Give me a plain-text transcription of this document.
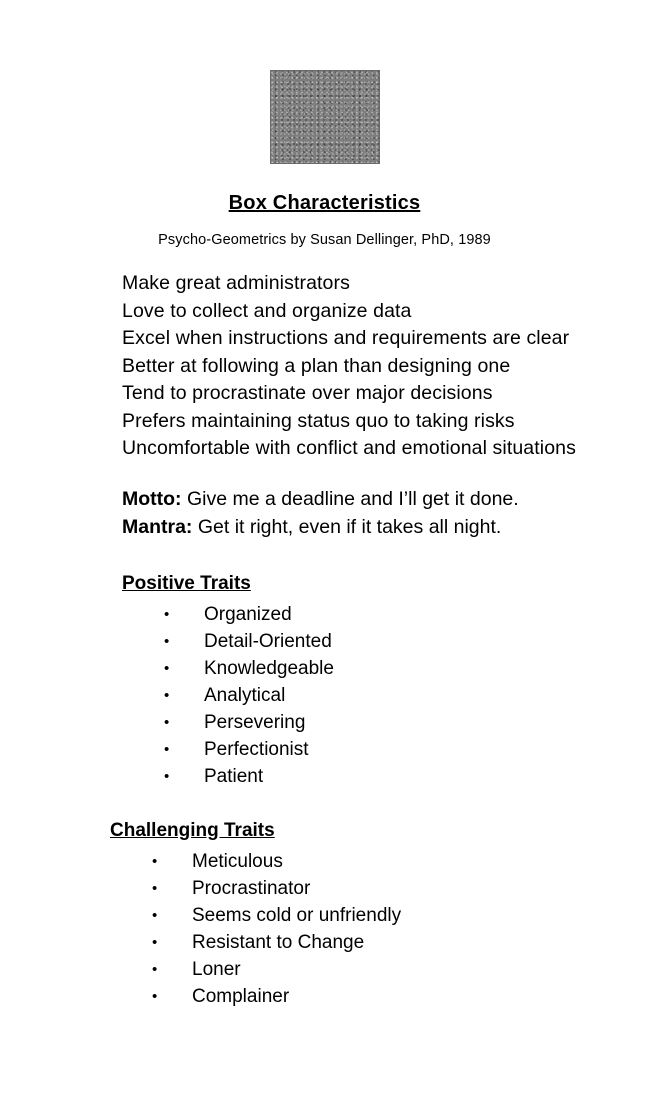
Box Characteristics
Psycho-Geometrics by Susan Dellinger, PhD, 1989
Make great administrators
Love to collect and organize data
Excel when instructions and requirements are clear
Better at following a plan than designing one
Tend to procrastinate over major decisions
Prefers maintaining status quo to taking risks
Uncomfortable with conflict and emotional situations
Motto: Give me a deadline and I’ll get it done.
Mantra: Get it right, even if it takes all night.
Positive Traits
• Organized
• Detail-Oriented
• Knowledgeable
• Analytical
• Persevering
• Perfectionist
• Patient
Challenging Traits
• Meticulous
• Procrastinator
• Seems cold or unfriendly
• Resistant to Change
• Loner
• Complainer
